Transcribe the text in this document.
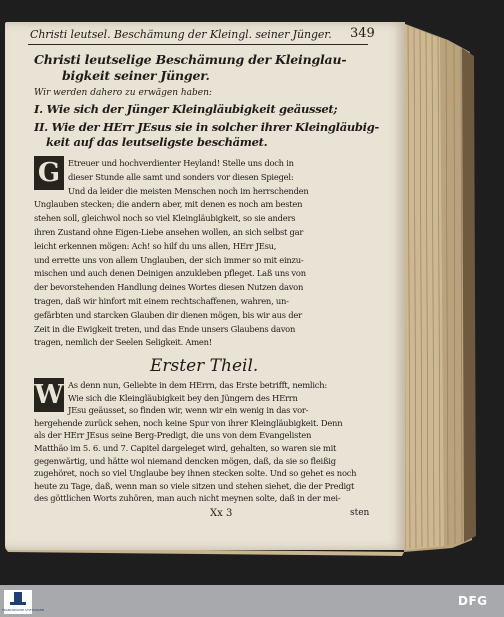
Christi leutsel. Beschämung der Kleingl. seiner Jünger. 349
Christi leutselige Beschämung der Kleinglau-
bigkeit seiner Jünger.
Wir werden dahero zu erwägen haben:
I. Wie sich der Jünger Kleingläubigkeit geäusset;
II. Wie der HErr JEsus sie in solcher ihrer Kleingläubig-
keit auf das leutseligste beschämet.
G Etreuer und hochverdienter Heyland! Stelle uns doch in
dieser Stunde alle samt und sonders vor diesen Spiegel:
Und da leider die meisten Menschen noch im herrschenden
Unglauben stecken; die andern aber, mit denen es noch am besten
stehen soll, gleichwol noch so viel Kleingläubigkeit, so sie anders
ihren Zustand ohne Eigen-Liebe ansehen wollen, an sich selbst gar
leicht erkennen mögen: Ach! so hilf du uns allen, HErr JEsu,
und errette uns von allem Unglauben, der sich immer so mit einzu-
mischen und auch denen Deinigen anzukleben pfleget. Laß uns von
der bevorstehenden Handlung deines Wortes diesen Nutzen davon
tragen, daß wir hinfort mit einem rechtschaffenen, wahren, un-
gefärbten und starcken Glauben dir dienen mögen, bis wir aus der
Zeit in die Ewigkeit treten, und das Ende unsers Glaubens davon
tragen, nemlich der Seelen Seligkeit. Amen!
Erster Theil.
W As denn nun, Geliebte in dem HErrn, das Erste betrifft, nemlich:
Wie sich die Kleingläubigkeit bey den Jüngern des HErrn
JEsu geäusset, so finden wir, wenn wir ein wenig in das vor-
hergehende zurück sehen, noch keine Spur von ihrer Kleingläubigkeit. Denn
als der HErr JEsus seine Berg-Predigt, die uns von dem Evangelisten
Matthäo im 5. 6. und 7. Capitel dargeleget wird, gehalten, so waren sie mit
gegenwärtig, und hätte wol niemand dencken mögen, daß, da sie so fleißig
zugehöret, noch so viel Unglaube bey ihnen stecken solte. Und so gehet es noch
heute zu Tage, daß, wenn man so viele sitzen und stehen siehet, die der Predigt
des göttlichen Worts zuhören, man auch nicht meynen solte, daß in der mei-
Xx 3	sten
FRANCKESCHE STIFTUNGEN
DFG
